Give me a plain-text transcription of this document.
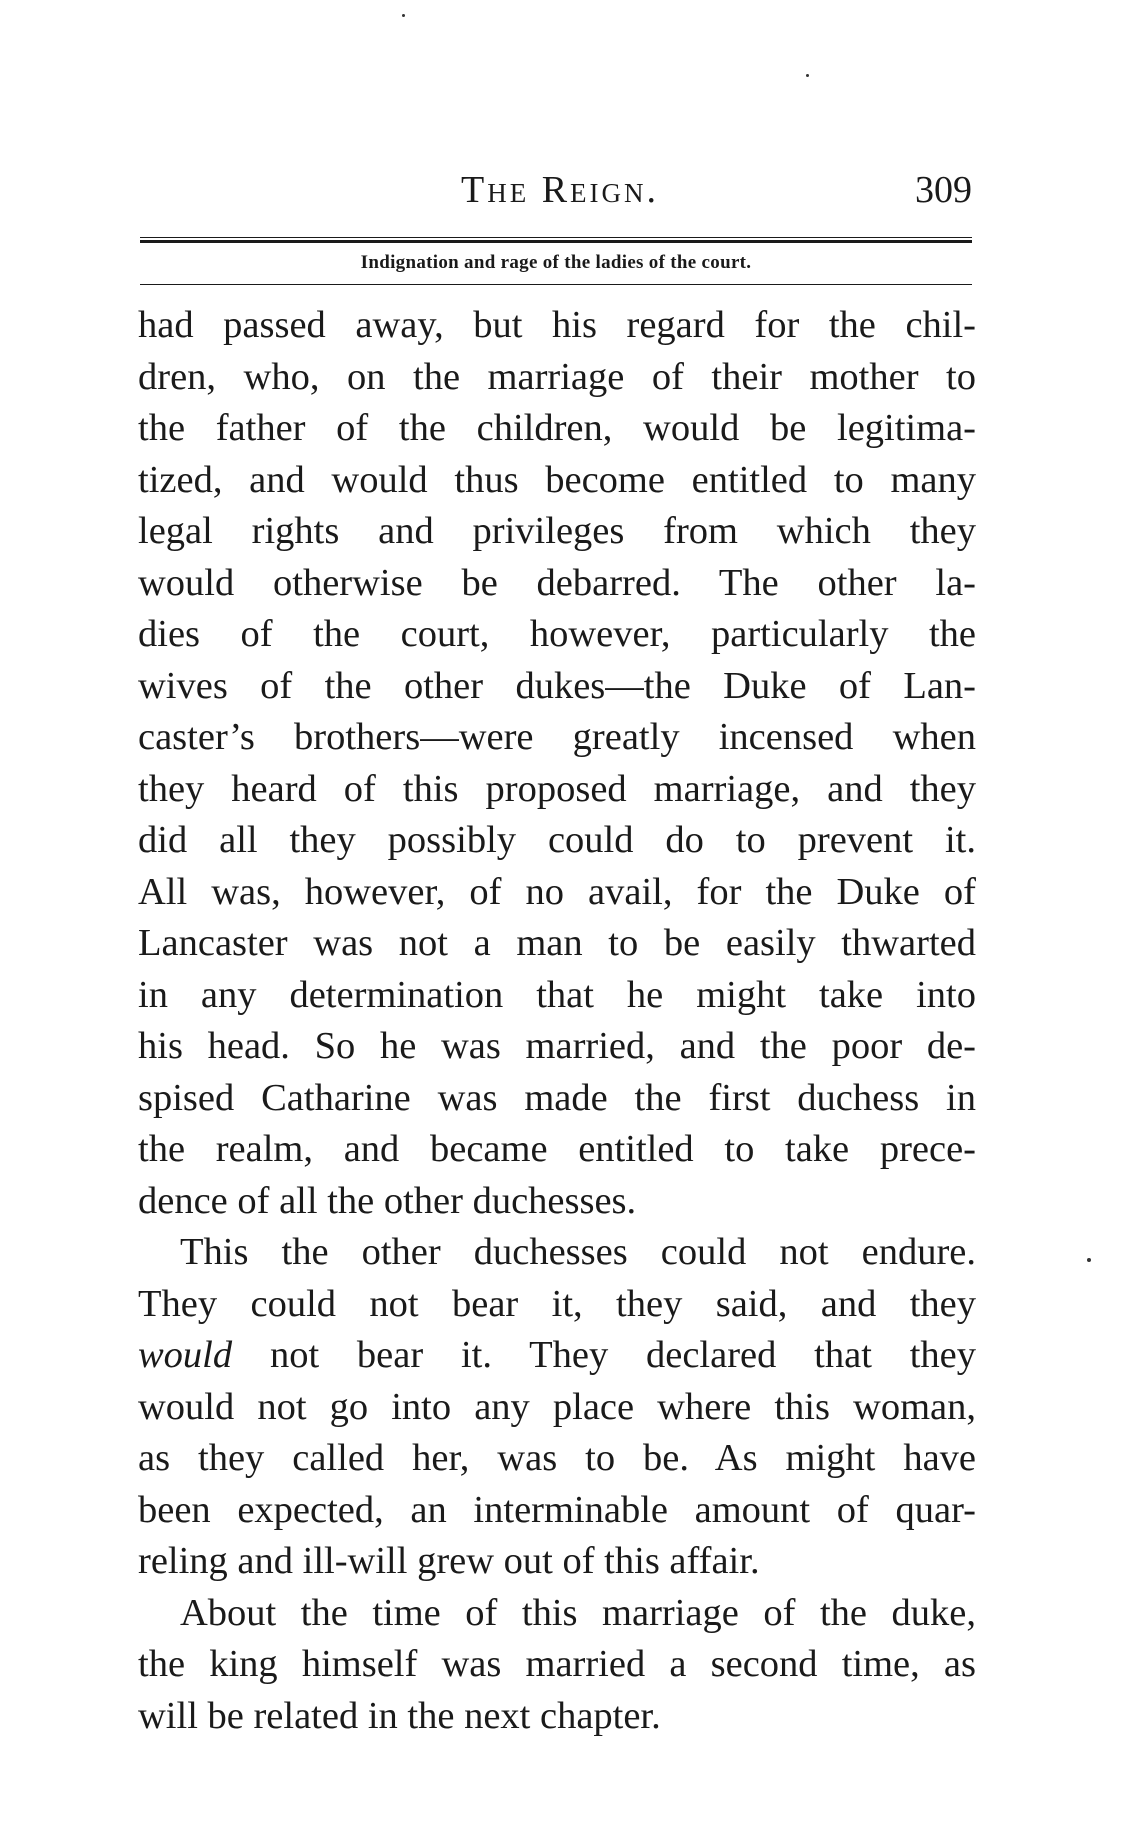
The Reign.	309
Indignation and rage of the ladies of the court.
had passed away, but his regard for the chil-
dren, who, on the marriage of their mother to
the father of the children, would be legitima-
tized, and would thus become entitled to many
legal rights and privileges from which they
would otherwise be debarred. The other la-
dies of the court, however, particularly the
wives of the other dukes—the Duke of Lan-
caster’s brothers—were greatly incensed when
they heard of this proposed marriage, and they
did all they possibly could do to prevent it.
All was, however, of no avail, for the Duke of
Lancaster was not a man to be easily thwarted
in any determination that he might take into
his head. So he was married, and the poor de-
spised Catharine was made the first duchess in
the realm, and became entitled to take prece-
dence of all the other duchesses.
This the other duchesses could not endure.
They could not bear it, they said, and they
would not bear it. They declared that they
would not go into any place where this woman,
as they called her, was to be. As might have
been expected, an interminable amount of quar-
reling and ill-will grew out of this affair.
About the time of this marriage of the duke,
the king himself was married a second time, as
will be related in the next chapter.
